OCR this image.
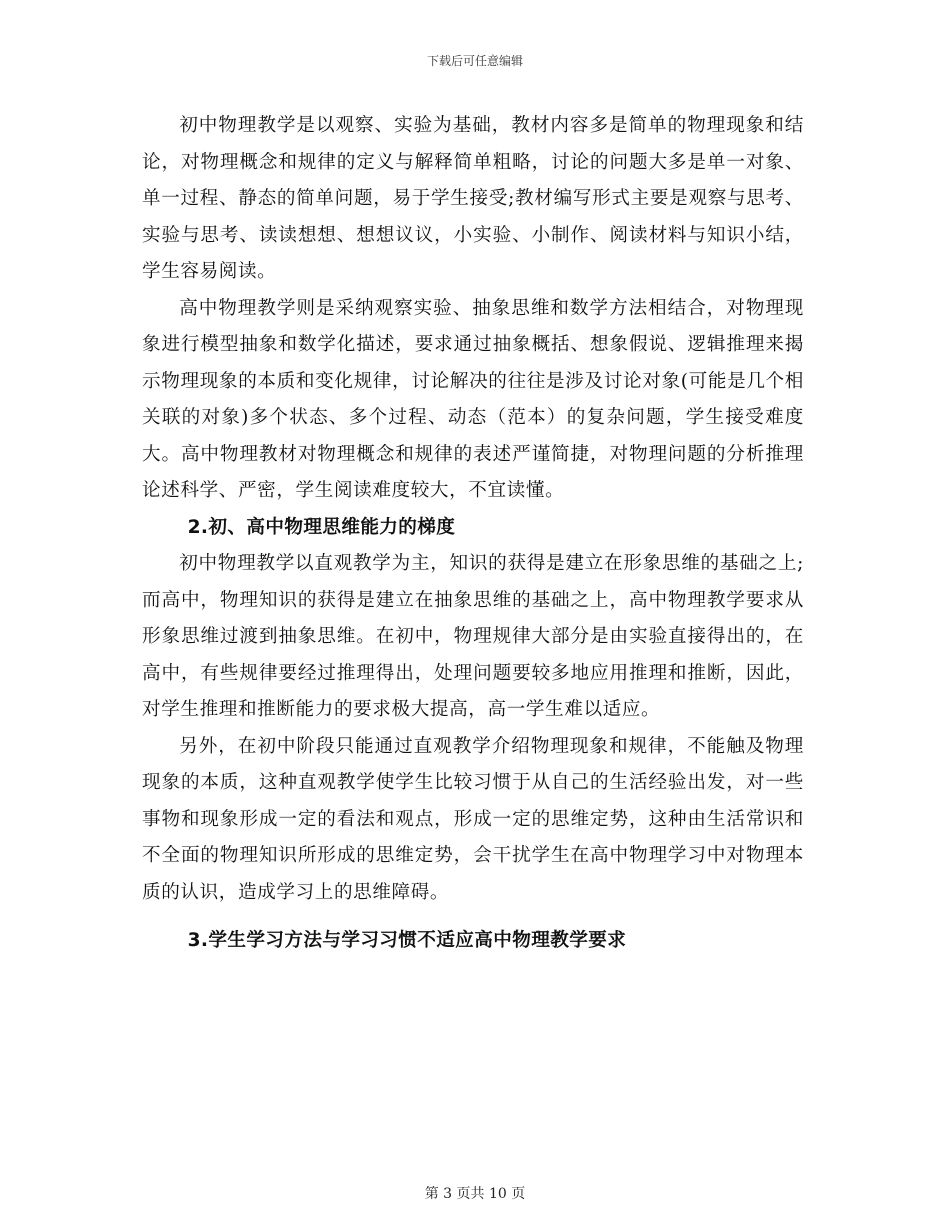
下载后可任意编辑

初中物理教学是以观察、实验为基础，教材内容多是简单的物理现象和结论，对物理概念和规律的定义与解释简单粗略，讨论的问题大多是单一对象、单一过程、静态的简单问题，易于学生接受;教材编写形式主要是观察与思考、实验与思考、读读想想、想想议议，小实验、小制作、阅读材料与知识小结，学生容易阅读。

高中物理教学则是采纳观察实验、抽象思维和数学方法相结合，对物理现象进行模型抽象和数学化描述，要求通过抽象概括、想象假说、逻辑推理来揭示物理现象的本质和变化规律，讨论解决的往往是涉及讨论对象(可能是几个相关联的对象)多个状态、多个过程、动态（范本）的复杂问题，学生接受难度大。高中物理教材对物理概念和规律的表述严谨简捷，对物理问题的分析推理论述科学、严密，学生阅读难度较大，不宜读懂。

2.初、高中物理思维能力的梯度

初中物理教学以直观教学为主，知识的获得是建立在形象思维的基础之上;而高中，物理知识的获得是建立在抽象思维的基础之上，高中物理教学要求从形象思维过渡到抽象思维。在初中，物理规律大部分是由实验直接得出的，在高中，有些规律要经过推理得出，处理问题要较多地应用推理和推断，因此，对学生推理和推断能力的要求极大提高，高一学生难以适应。

另外，在初中阶段只能通过直观教学介绍物理现象和规律，不能触及物理现象的本质，这种直观教学使学生比较习惯于从自己的生活经验出发，对一些事物和现象形成一定的看法和观点，形成一定的思维定势，这种由生活常识和不全面的物理知识所形成的思维定势，会干扰学生在高中物理学习中对物理本质的认识，造成学习上的思维障碍。

3.学生学习方法与学习习惯不适应高中物理教学要求

第 3 页共 10 页
